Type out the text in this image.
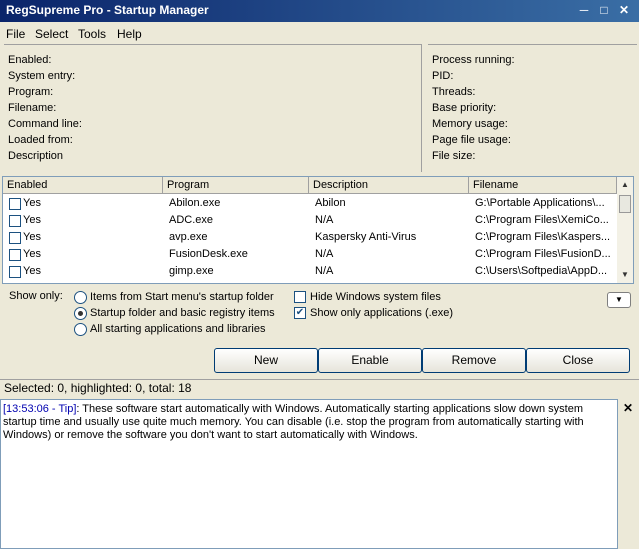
RegSupreme Pro - Startup Manager	─	□ ✕
File Select Tools Help
Enabled:
System entry:
Program:
Filename:
Command line:
Loaded from:
Description
Process running:
PID:
Threads:
Base priority:
Memory usage:
Page file usage:
File size:
Enabled	Program	Description	Filename
Yes	Abilon.exe	Abilon	G:\Portable Applications\...
Yes	ADC.exe	N/A	C:\Program Files\XemiCo...
Yes	avp.exe	Kaspersky Anti-Virus	C:\Program Files\Kaspers...
Yes	FusionDesk.exe	N/A	C:\Program Files\FusionD...
Yes	gimp.exe	N/A	C:\Users\Softpedia\AppD...
▲
▼
Show only: Items from Start menu's startup folder
Startup folder and basic registry items
All starting applications and libraries
Hide Windows system files
✔ Show only applications (.exe)
▼
New	Enable	Remove	Close
Selected: 0, highlighted: 0, total: 18
[13:53:06 - Tip]: These software start automatically with Windows. Automatically starting applications slow down system startup time and usually use quite much memory. You can disable (i.e. stop the program from automatically starting with Windows) or remove the software you don't want to start automatically with Windows.
✕
